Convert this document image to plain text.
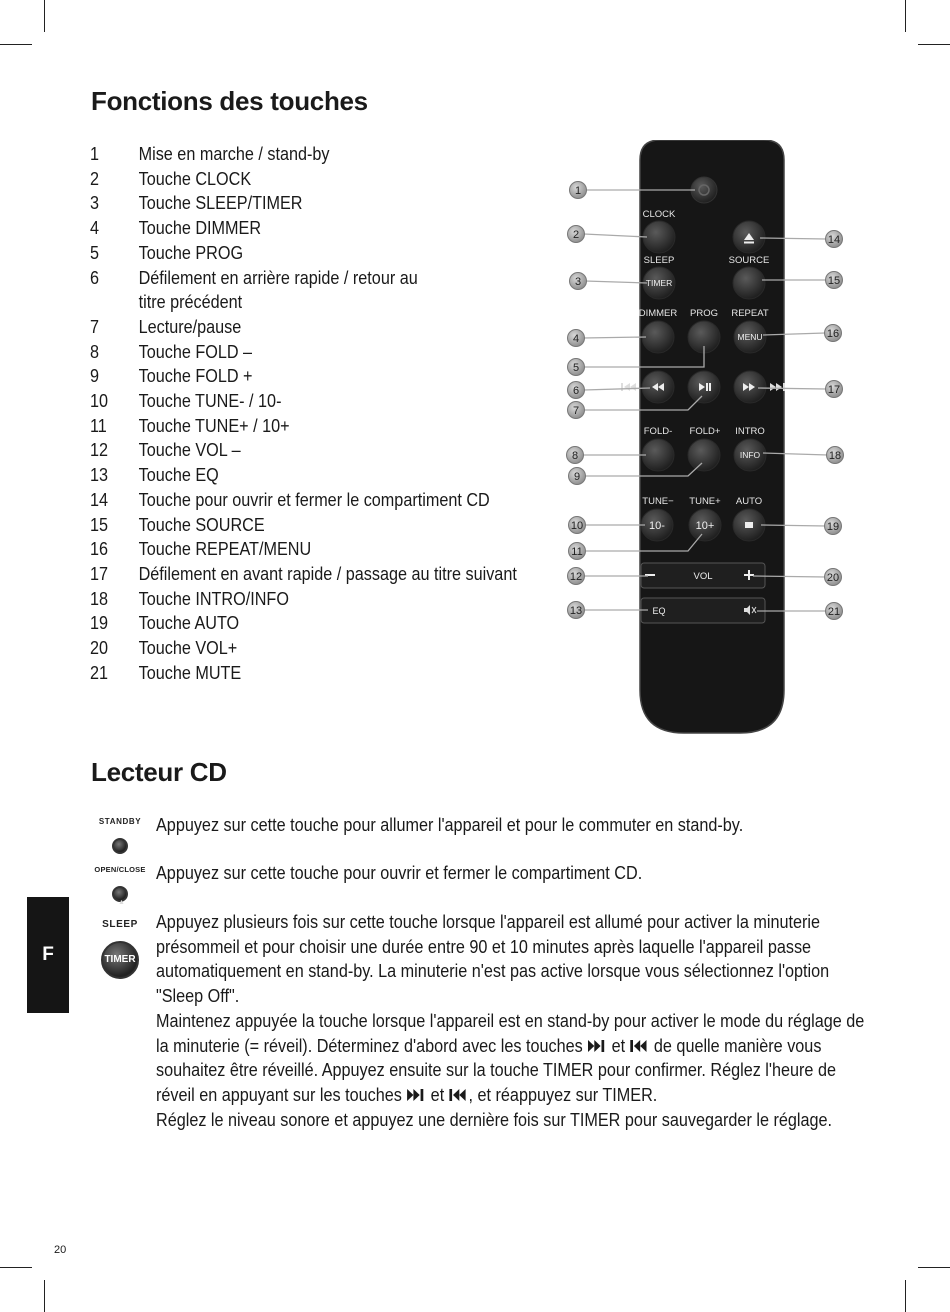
Fonctions des touches
1	Mise en marche / stand-by
2	Touche CLOCK
3	Touche SLEEP/TIMER
4	Touche DIMMER
5	Touche PROG
6	Défilement en arrière rapide / retour au
titre précédent
7	Lecture/pause
8	Touche FOLD –
9	Touche FOLD +
10	Touche TUNE- / 10-
11	Touche TUNE+ / 10+
12	Touche VOL –
13	Touche EQ
14	Touche pour ouvrir et fermer le compartiment CD
15	Touche SOURCE
16	Touche REPEAT/MENU
17	Défilement en avant rapide / passage au titre suivant
18	Touche INTRO/INFO
19	Touche AUTO
20	Touche VOL+
21	Touche MUTE
CLOCK
SLEEP	SOURCE
DIMMER PROG REPEAT
FOLD- FOLD+ INTRO
TUNE− TUNE+ AUTO
TIMER
MENU
INFO
10-	10+
VOL
EQ
1
2
3
4
5
6
7
8
9
10
11
12
13
14
15
16
17
18
19
20
21
Lecteur CD
STANDBY Appuyez sur cette touche pour allumer l'appareil et pour le commuter en stand-by.
OPEN/CLOSE
▲
Appuyez sur cette touche pour ouvrir et fermer le compartiment CD.
SLEEP
TIMER
Appuyez plusieurs fois sur cette touche lorsque l'appareil est allumé pour activer la minuterie présommeil et pour choisir une durée entre 90 et 10 minutes après laquelle l'appareil passe automatiquement en stand-by. La minuterie n'est pas active lorsque vous sélectionnez l'option "Sleep Off".
Maintenez appuyée la touche lorsque l'appareil est en stand-by pour activer le mode du réglage de la minuterie (= réveil). Déterminez d'abord avec les touches et de quelle manière vous souhaitez être réveillé. Appuyez ensuite sur la touche TIMER pour confirmer. Réglez l'heure de réveil en appuyant sur les touches et , et réappuyez sur TIMER.
Réglez le niveau sonore et appuyez une dernière fois sur TIMER pour sauvegarder le réglage.
F
20
